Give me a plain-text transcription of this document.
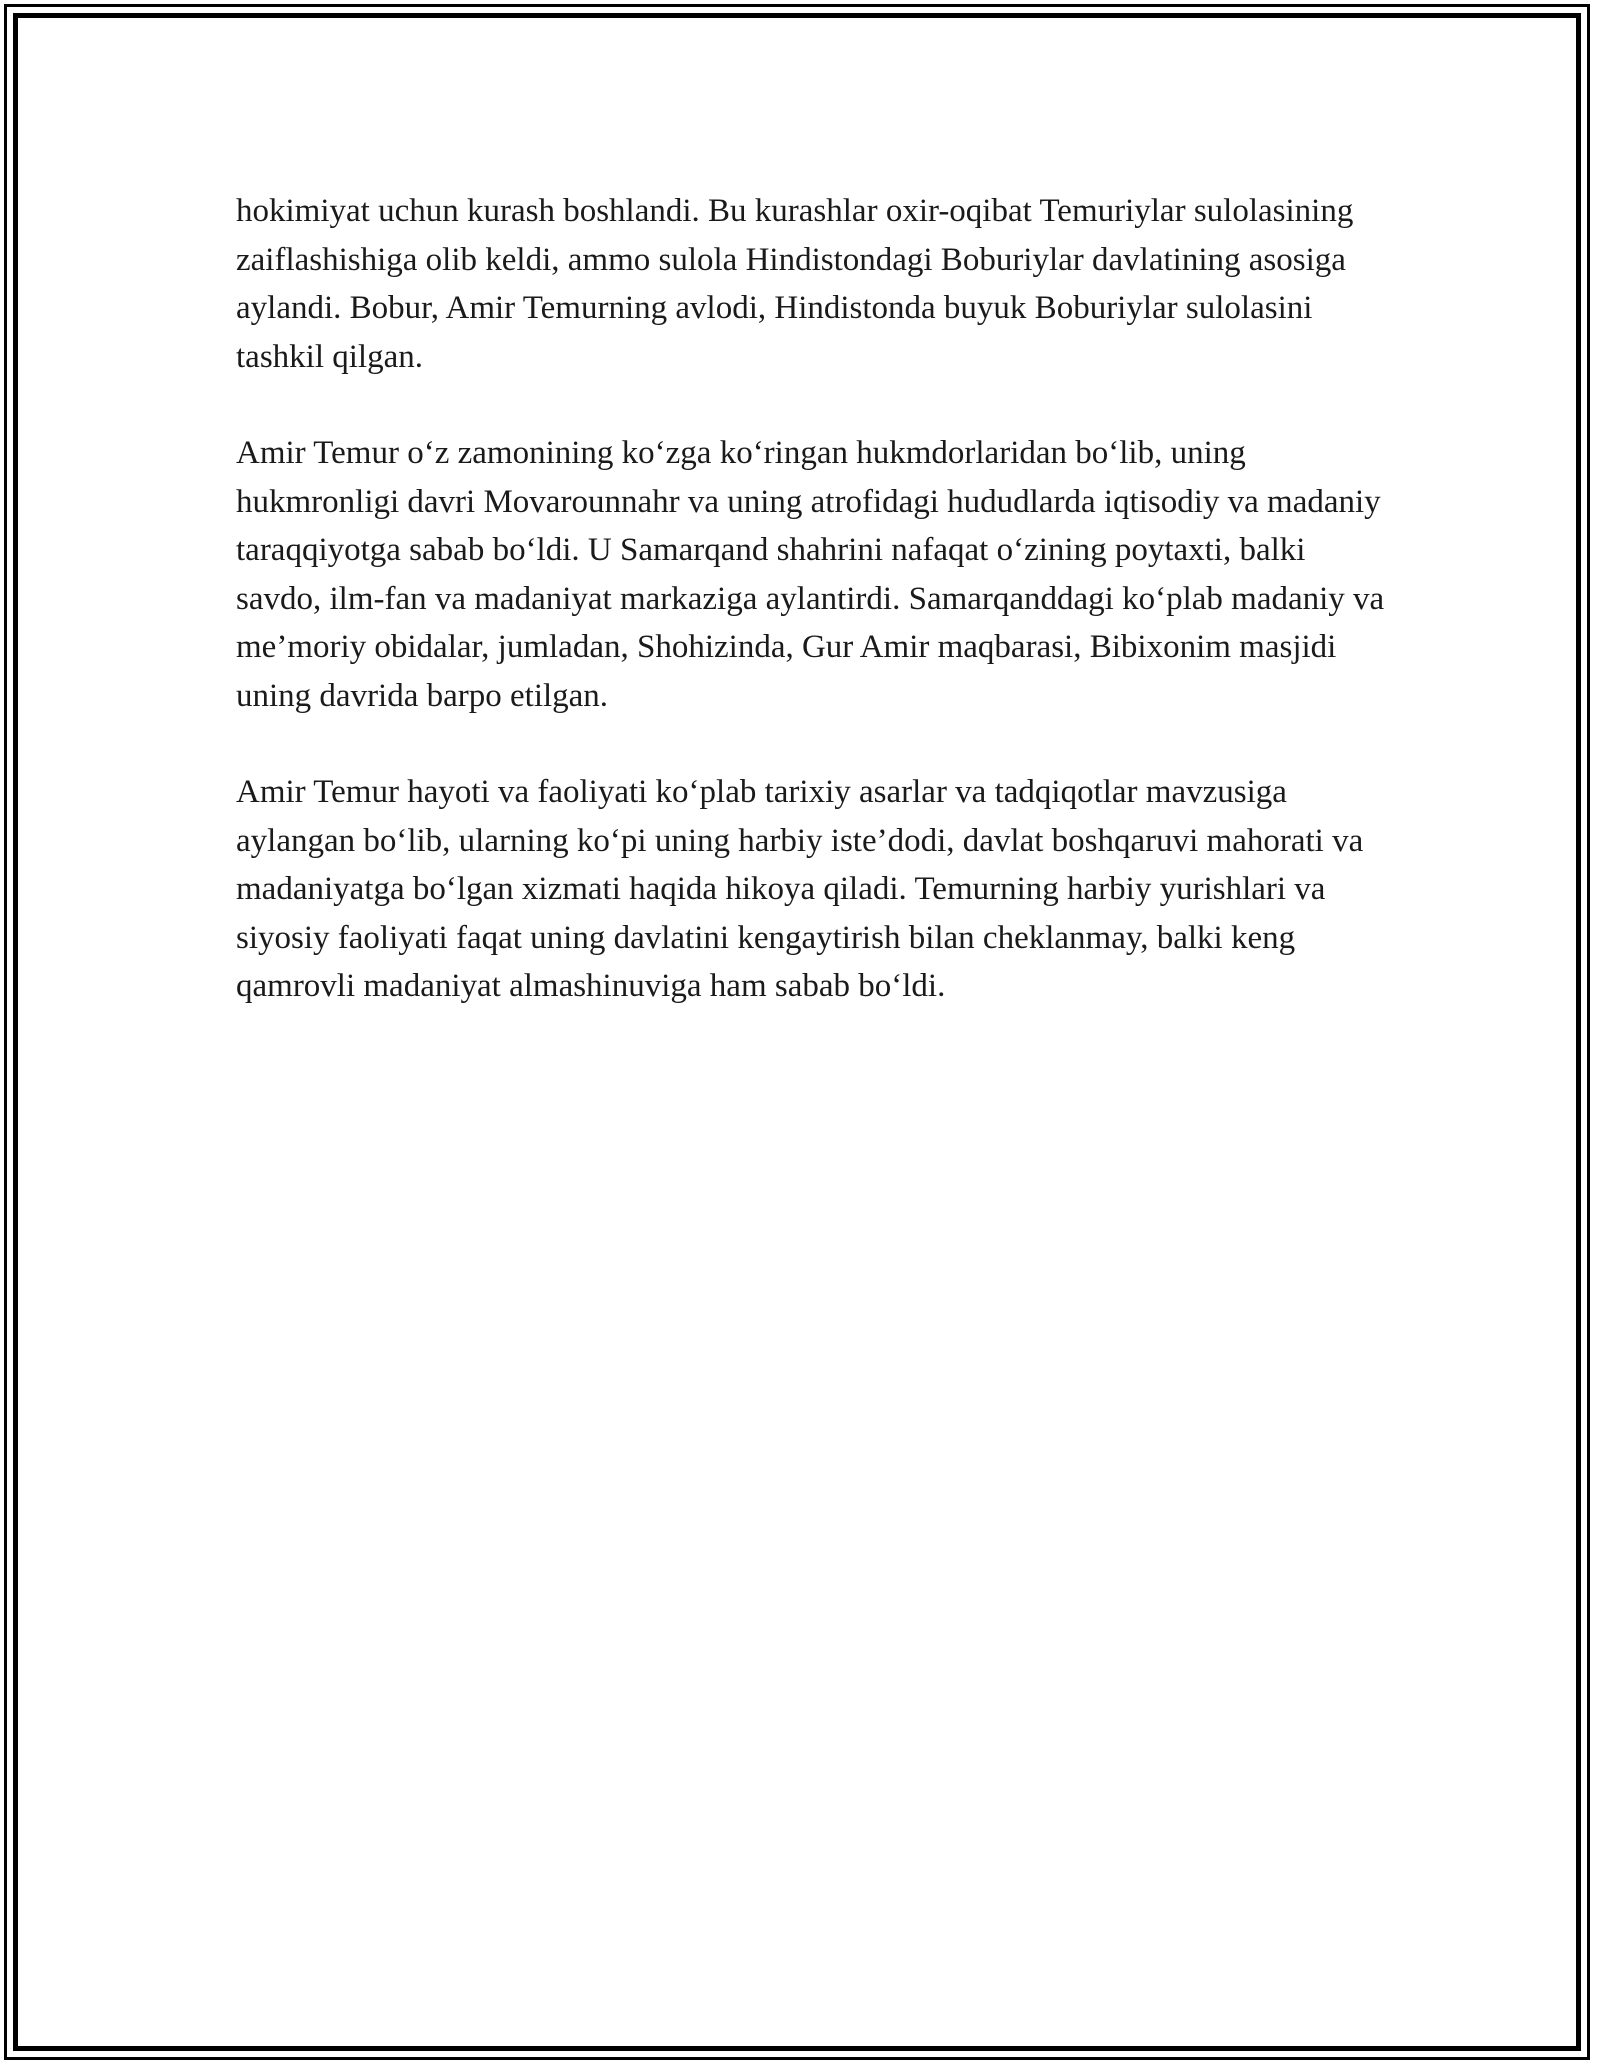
hokimiyat uchun kurash boshlandi. Bu kurashlar oxir-oqibat Temuriylar sulolasining zaiflashishiga olib keldi, ammo sulola Hindistondagi Boburiylar davlatining asosiga aylandi. Bobur, Amir Temurning avlodi, Hindistonda buyuk Boburiylar sulolasini tashkil qilgan.

Amir Temur o‘z zamonining ko‘zga ko‘ringan hukmdorlaridan bo‘lib, uning hukmronligi davri Movarounnahr va uning atrofidagi hududlarda iqtisodiy va madaniy taraqqiyotga sabab bo‘ldi. U Samarqand shahrini nafaqat o‘zining poytaxti, balki savdo, ilm-fan va madaniyat markaziga aylantirdi. Samarqanddagi ko‘plab madaniy va me’moriy obidalar, jumladan, Shohizinda, Gur Amir maqbarasi, Bibixonim masjidi uning davrida barpo etilgan.

Amir Temur hayoti va faoliyati ko‘plab tarixiy asarlar va tadqiqotlar mavzusiga aylangan bo‘lib, ularning ko‘pi uning harbiy iste’dodi, davlat boshqaruvi mahorati va madaniyatga bo‘lgan xizmati haqida hikoya qiladi. Temurning harbiy yurishlari va siyosiy faoliyati faqat uning davlatini kengaytirish bilan cheklanmay, balki keng qamrovli madaniyat almashinuviga ham sabab bo‘ldi.
